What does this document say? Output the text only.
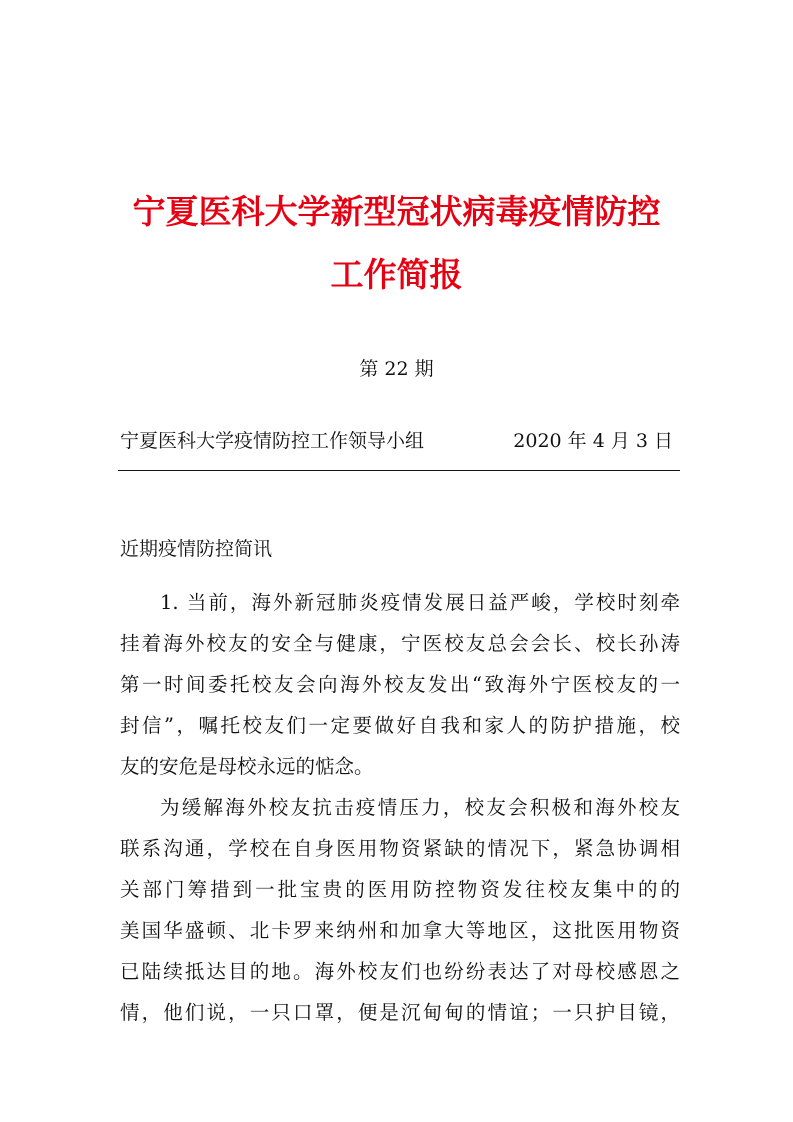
宁夏医科大学新型冠状病毒疫情防控
工作简报
第 22 期
宁夏医科大学疫情防控工作领导小组	2020 年 4 月 3 日
近期疫情防控简讯
1. 当前，海外新冠肺炎疫情发展日益严峻，学校时刻牵
挂着海外校友的安全与健康，宁医校友总会会长、校长孙涛
第一时间委托校友会向海外校友发出“致海外宁医校友的一
封信”，嘱托校友们一定要做好自我和家人的防护措施，校
友的安危是母校永远的惦念。
为缓解海外校友抗击疫情压力，校友会积极和海外校友
联系沟通，学校在自身医用物资紧缺的情况下，紧急协调相
关部门筹措到一批宝贵的医用防控物资发往校友集中的的
美国华盛顿、北卡罗来纳州和加拿大等地区，这批医用物资
已陆续抵达目的地。海外校友们也纷纷表达了对母校感恩之
情，他们说，一只口罩，便是沉甸甸的情谊；一只护目镜，
